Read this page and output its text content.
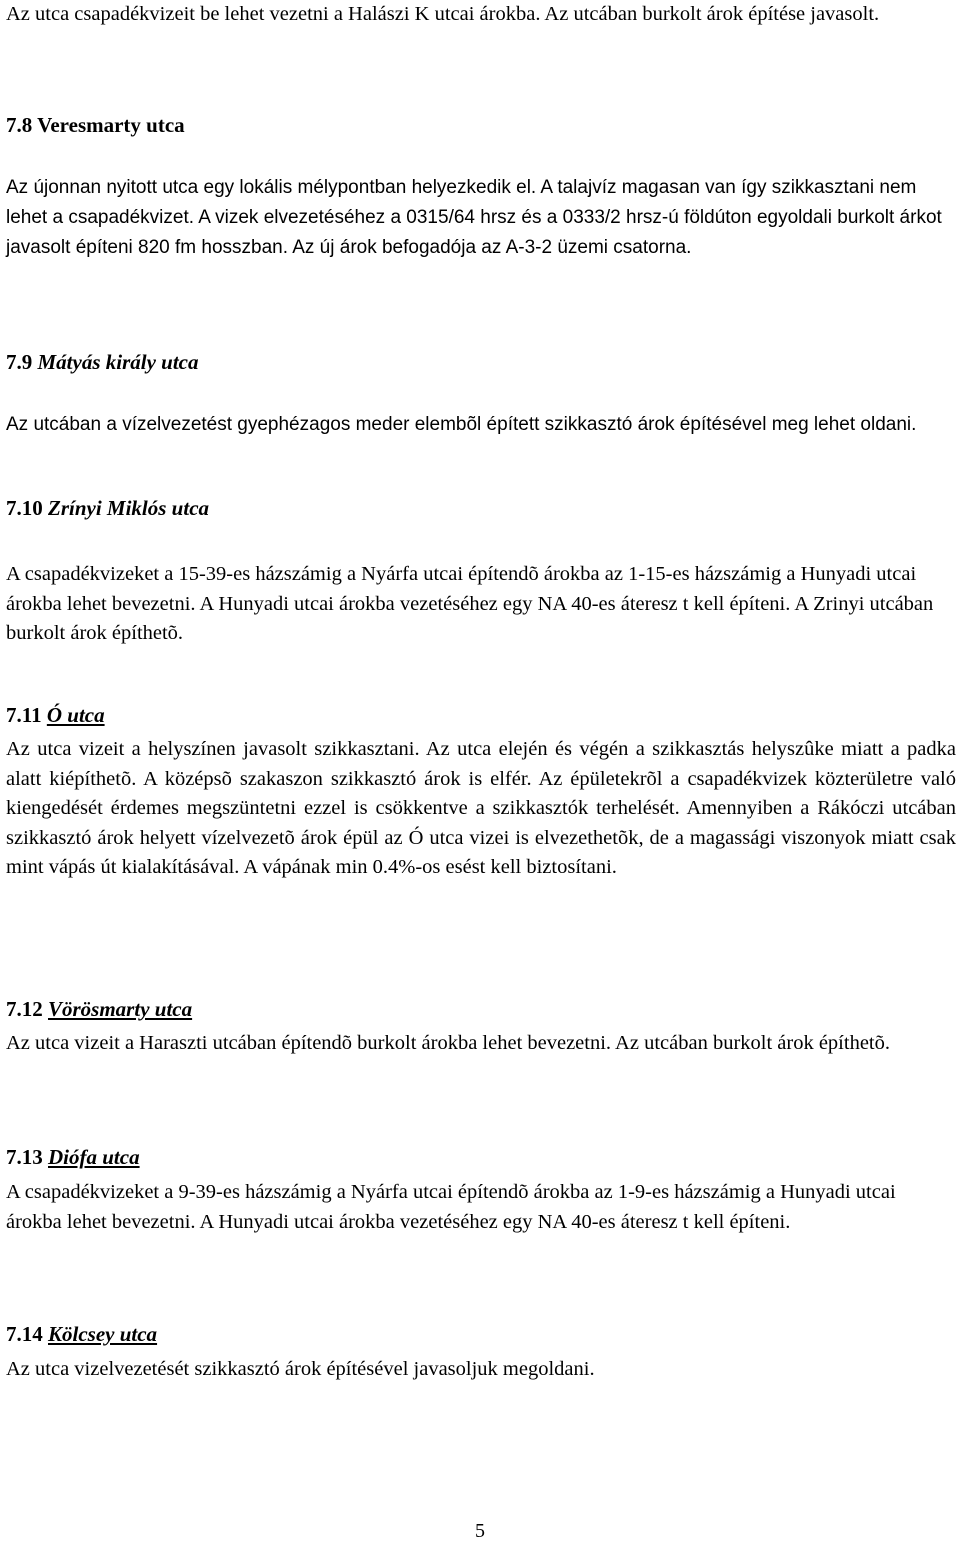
Az utca csapadékvizeit be lehet vezetni a Halászi K utcai árokba. Az utcában burkolt árok építése javasolt.

7.8 Veresmarty utca

Az újonnan nyitott utca egy lokális mélypontban helyezkedik el. A talajvíz magasan van így szikkasztani nem lehet a csapadékvizet. A vizek elvezetéséhez a 0315/64 hrsz és a 0333/2 hrsz-ú földúton egyoldali burkolt árkot javasolt építeni 820 fm hosszban. Az új árok befogadója az A-3-2 üzemi csatorna.

7.9 Mátyás király utca

Az utcában a vízelvezetést gyephézagos meder elembõl épített szikkasztó árok építésével meg lehet oldani.

7.10 Zrínyi Miklós utca

A csapadékvizeket a 15-39-es házszámig a Nyárfa utcai építendõ árokba az 1-15-es házszámig a Hunyadi utcai árokba lehet bevezetni. A Hunyadi utcai árokba vezetéséhez egy NA 40-es áteresz t kell építeni. A Zrinyi utcában burkolt árok építhetõ.

7.11 Ó utca

Az utca vizeit a helyszínen javasolt szikkasztani. Az utca elején és végén a szikkasztás helyszûke miatt a padka alatt kiépíthetõ. A középsõ szakaszon szikkasztó árok is elfér. Az épületekrõl a csapadékvizek közterületre való kiengedését érdemes megszüntetni ezzel is csökkentve a szikkasztók terhelését. Amennyiben a Rákóczi utcában szikkasztó árok helyett vízelvezetõ árok épül az Ó utca vizei is elvezethetõk, de a magassági viszonyok miatt csak mint vápás út kialakításával. A vápának min 0.4%-os esést kell biztosítani.

7.12 Vörösmarty utca

Az utca vizeit a Haraszti utcában építendõ burkolt árokba lehet bevezetni. Az utcában burkolt árok építhetõ.

7.13 Diófa utca

A csapadékvizeket a 9-39-es házszámig a Nyárfa utcai építendõ árokba az 1-9-es házszámig a Hunyadi utcai árokba lehet bevezetni. A Hunyadi utcai árokba vezetéséhez egy NA 40-es áteresz t kell építeni.

7.14 Kölcsey utca

Az utca vizelvezetését szikkasztó árok építésével javasoljuk megoldani.

5
